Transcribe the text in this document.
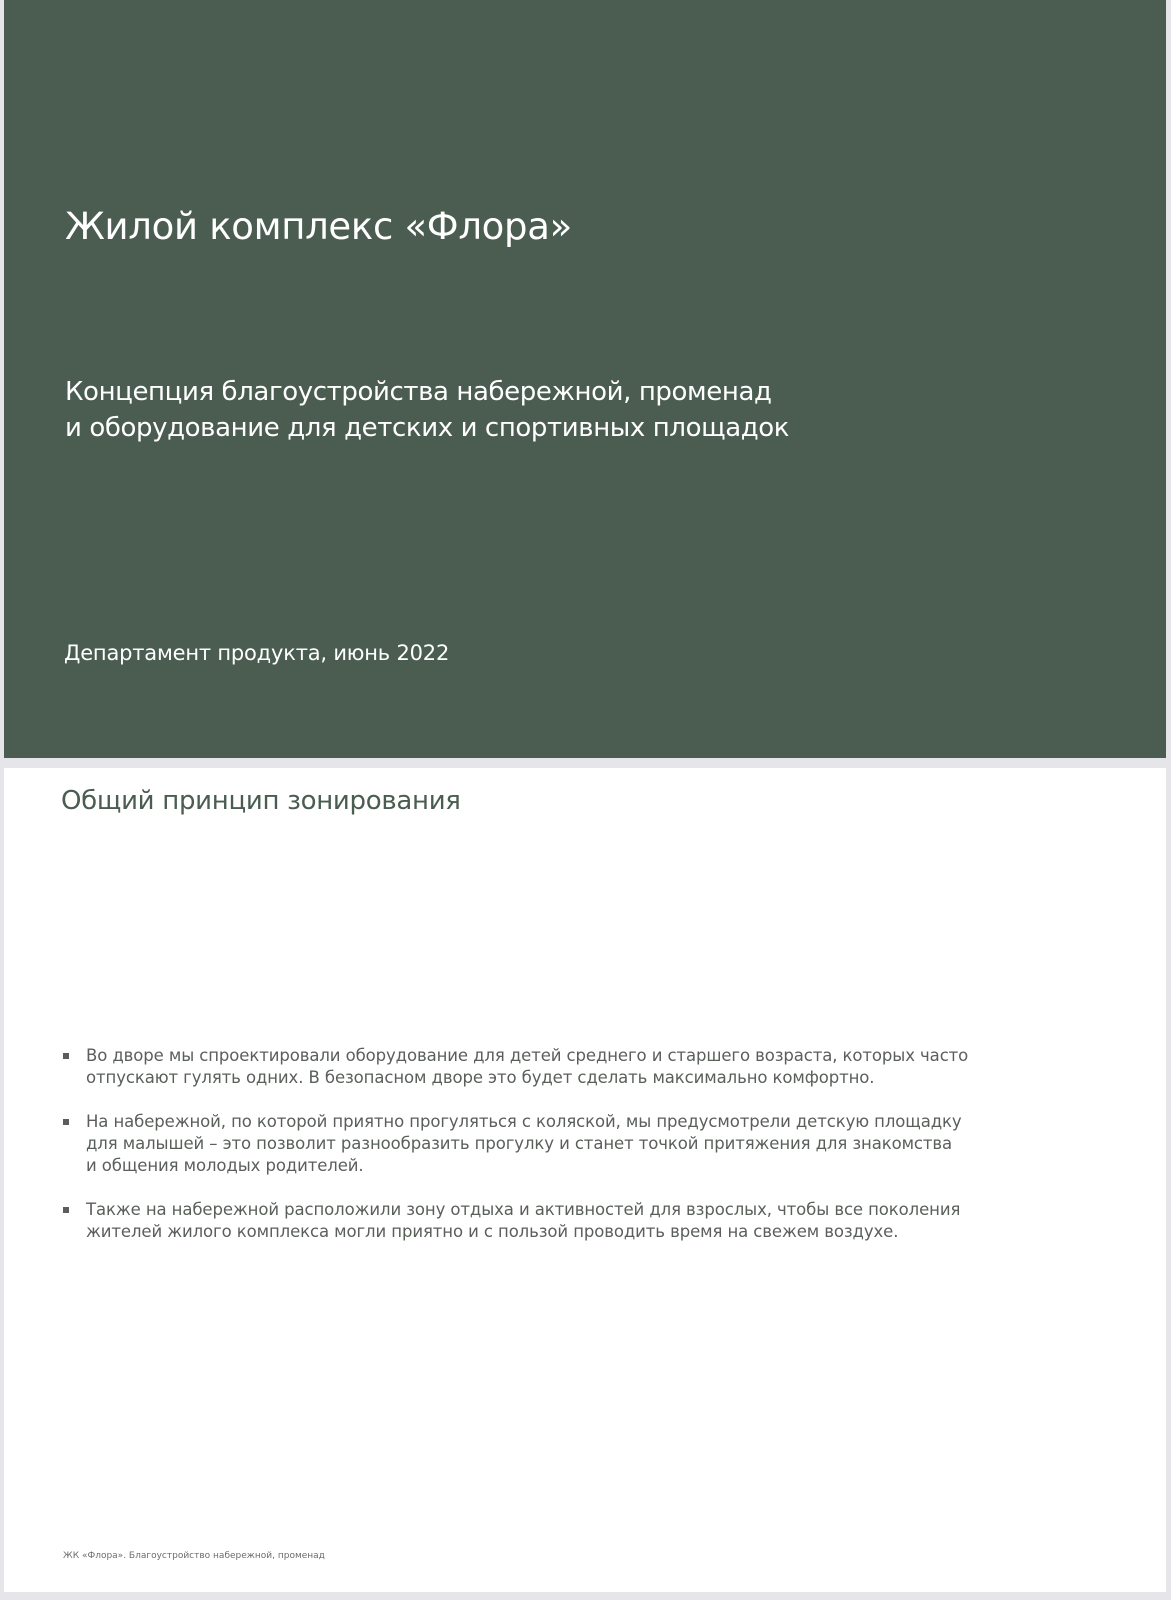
Жилой комплекс «Флора»
Концепция благоустройства набережной, променад
и оборудование для детских и спортивных площадок

Департамент продукта, июнь 2022

Общий принцип зонирования
Во дворе мы спроектировали оборудование для детей среднего и старшего возраста, которых часто
отпускают гулять одних. В безопасном дворе это будет сделать максимально комфортно.
На набережной, по которой приятно прогуляться с коляской, мы предусмотрели детскую площадку
для малышей – это позволит разнообразить прогулку и станет точкой притяжения для знакомства
и общения молодых родителей.
Также на набережной расположили зону отдыха и активностей для взрослых, чтобы все поколения
жителей жилого комплекса могли приятно и с пользой проводить время на свежем воздухе.

ЖК «Флора». Благоустройство набережной, променад
